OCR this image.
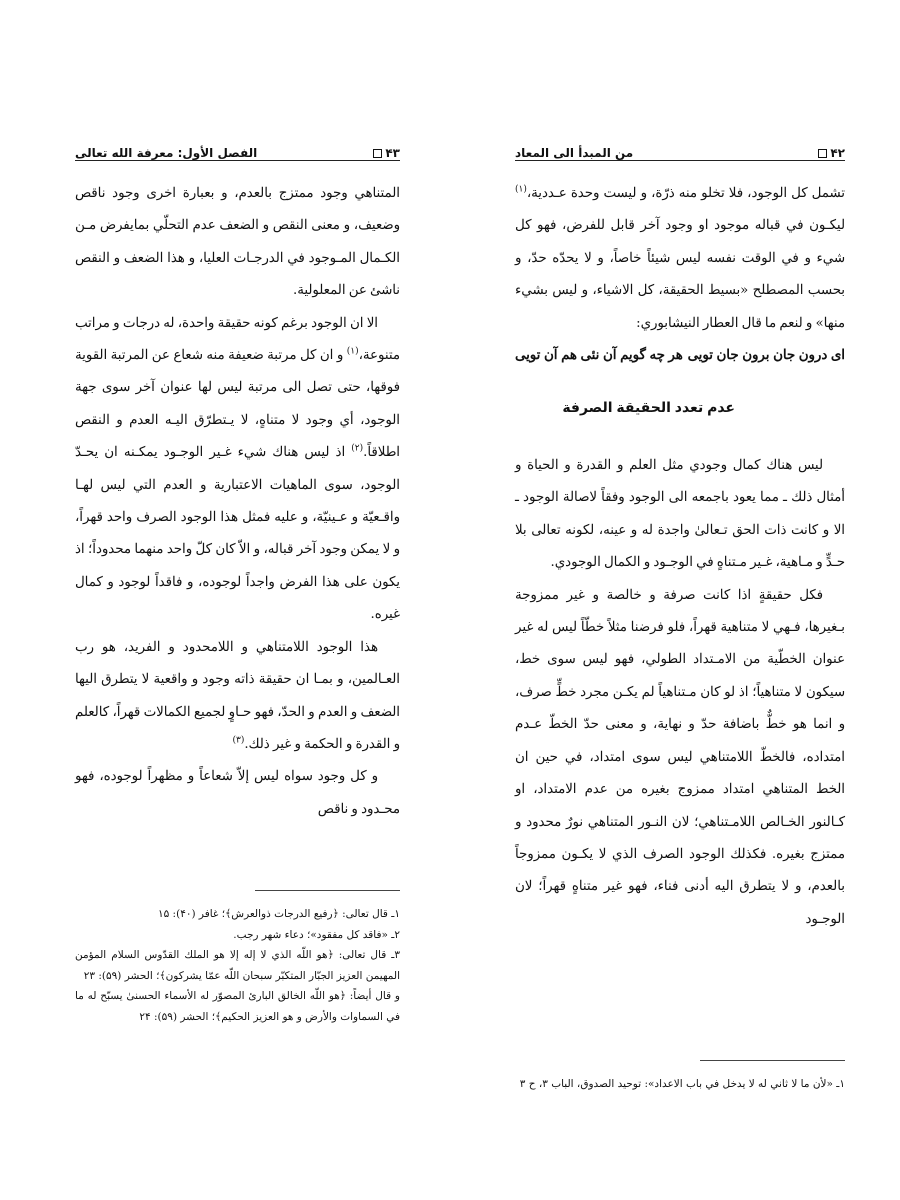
۴۲
من المبدأ الى المعاد

تشمل كل الوجود، فلا تخلو منه ذرّة، و ليست وحدة عـددية،$^{(١)}$ ليكـون في قباله موجود او وجود آخر قابل للفرض، فهو كل شيء و في الوقت نفسه ليس شيئاً خاصاً، و لا يحدّه حدّ، و بحسب المصطلح «بسيط الحقيقة، كل الاشياء، و ليس بشيء منها» و لنعم ما قال العطار النيشابوري:

اى درون جان برون جان تويى
هر چه گويم آن نئى هم آن تويى

عدم تعدد الحقيقة الصرفة

ليس هناك كمال وجودي مثل العلم و القدرة و الحياة و أمثال ذلك ـ مما يعود باجمعه الى الوجود وفقاً لاصالة الوجود ـ الا و كانت ذات الحق تـعالىٰ واجدة له و عينه، لكونه تعالى بلا حـدٍّ و مـاهية، غـير مـتناهٍ في الوجـود و الكمال الوجودي.

فكل حقيقةٍ اذا كانت صرفة و خالصة و غير ممزوجة بـغيرها، فـهي لا متناهية قهراً، فلو فرضنا مثلاً خطّاً ليس له غير عنوان الخطّية من الامـتداد الطولي، فهو ليس سوى خط، سيكون لا متناهياً؛ اذ لو كان مـتناهياً لم يكـن مجرد خطٍّ صرف، و انما هو خطٌّ باضافة حدّ و نهاية، و معنى حدّ الخطّ عـدم امتداده، فالخطّ اللامتناهي ليس سوى امتداد، في حين ان الخط المتناهي امتداد ممزوج بغيره من عدم الامتداد، او كـالنور الخـالص اللامـتناهي؛ لان النـور المتناهي نورٌ محدود و ممتزج بغيره. فكذلك الوجود الصرف الذي لا يكـون ممزوجاً بالعدم، و لا يتطرق اليه أدنى فناء، فهو غير متناهٍ قهراً؛ لان الوجـود

١ـ «لأن ما لا ثاني له لا يدخل في باب الاعداد»: توحيد الصدوق، الباب ٣، ح ٣
۴۳
الفصل الأول: معرفة الله تعالى

المتناهي وجود ممتزج بالعدم، و بعبارة اخرى وجود ناقص وضعيف، و معنى النقص و الضعف عدم التحلّي بمايفرض مـن الكـمال المـوجود في الدرجـات العليا، و هذا الضعف و النقص ناشئ عن المعلولية.

الا ان الوجود برغم كونه حقيقة واحدة، له درجات و مراتب متنوعة،$^{(١)}$ و ان كل مرتبة ضعيفة منه شعاع عن المرتبة القوية فوقها، حتى تصل الى مرتبة ليس لها عنوان آخر سوى جهة الوجود، أي وجود لا متناهٍ، لا يـتطرّق اليـه العدم و النقص اطلاقاً.$^{(٢)}$ اذ ليس هناك شيء غـير الوجـود يمكـنه ان يحـدّ الوجود، سوى الماهيات الاعتبارية و العدم التي ليس لهـا واقـعيّة و عـينيّة، و عليه فمثل هذا الوجود الصرف واحد قهراً، و لا يمكن وجود آخر قباله، و الاّ كان كلّ واحد منهما محدوداً؛ اذ يكون على هذا الفرض واجداً لوجوده، و فاقداً لوجود و كمال غيره.

هذا الوجود اللامتناهي و اللامحدود و الفريد، هو رب العـالمين، و بمـا ان حقيقة ذاته وجود و واقعية لا يتطرق اليها الضعف و العدم و الحدّ، فهو حـاوٍ لجميع الكمالات قهراً، كالعلم و القدرة و الحكمة و غير ذلك.$^{(٣)}$

و كل وجود سواه ليس إلاّ شعاعاً و مظهراً لوجوده، فهو محـدود و ناقص

١ـ قال تعالى: ﴿رفيع الدرجات ذوالعرش﴾؛ غافر (۴٠): ١۵
٢ـ «فاقد كل مفقود»؛ دعاء شهر رجب.
٣ـ قال تعالى: ﴿هو اللّه الذي لا إله إلا هو الملك القدّوس السلام المؤمن المهيمن العزيز الجبّار المتكبّر سبحان اللّه عمّا يشركون﴾؛ الحشر (۵٩): ٢٣
و قال أيضاً: ﴿هو اللّه الخالق البارئ المصوّر له الأسماء الحسنىٰ يسبّح له ما في السماوات والأرض و هو العزيز الحكيم﴾؛ الحشر (۵٩): ٢۴
